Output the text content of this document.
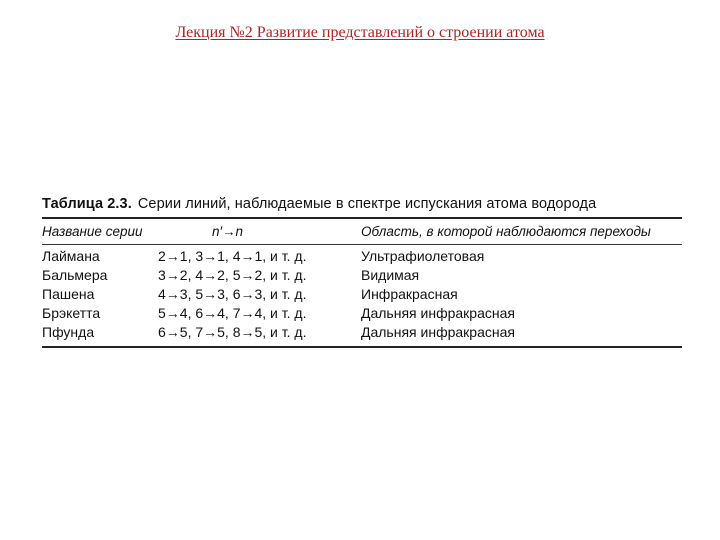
Лекция №2 Развитие представлений о строении атома
Таблица 2.3. Серии линий, наблюдаемые в спектре испускания атома водорода
Название серии	n′→n	Область, в которой наблюдаются переходы
Лаймана	2→1, 3→1, 4→1, и т. д.	Ультрафиолетовая
Бальмера	3→2, 4→2, 5→2, и т. д.	Видимая
Пашена	4→3, 5→3, 6→3, и т. д.	Инфракрасная
Брэкетта	5→4, 6→4, 7→4, и т. д.	Дальняя инфракрасная
Пфунда	6→5, 7→5, 8→5, и т. д.	Дальняя инфракрасная
